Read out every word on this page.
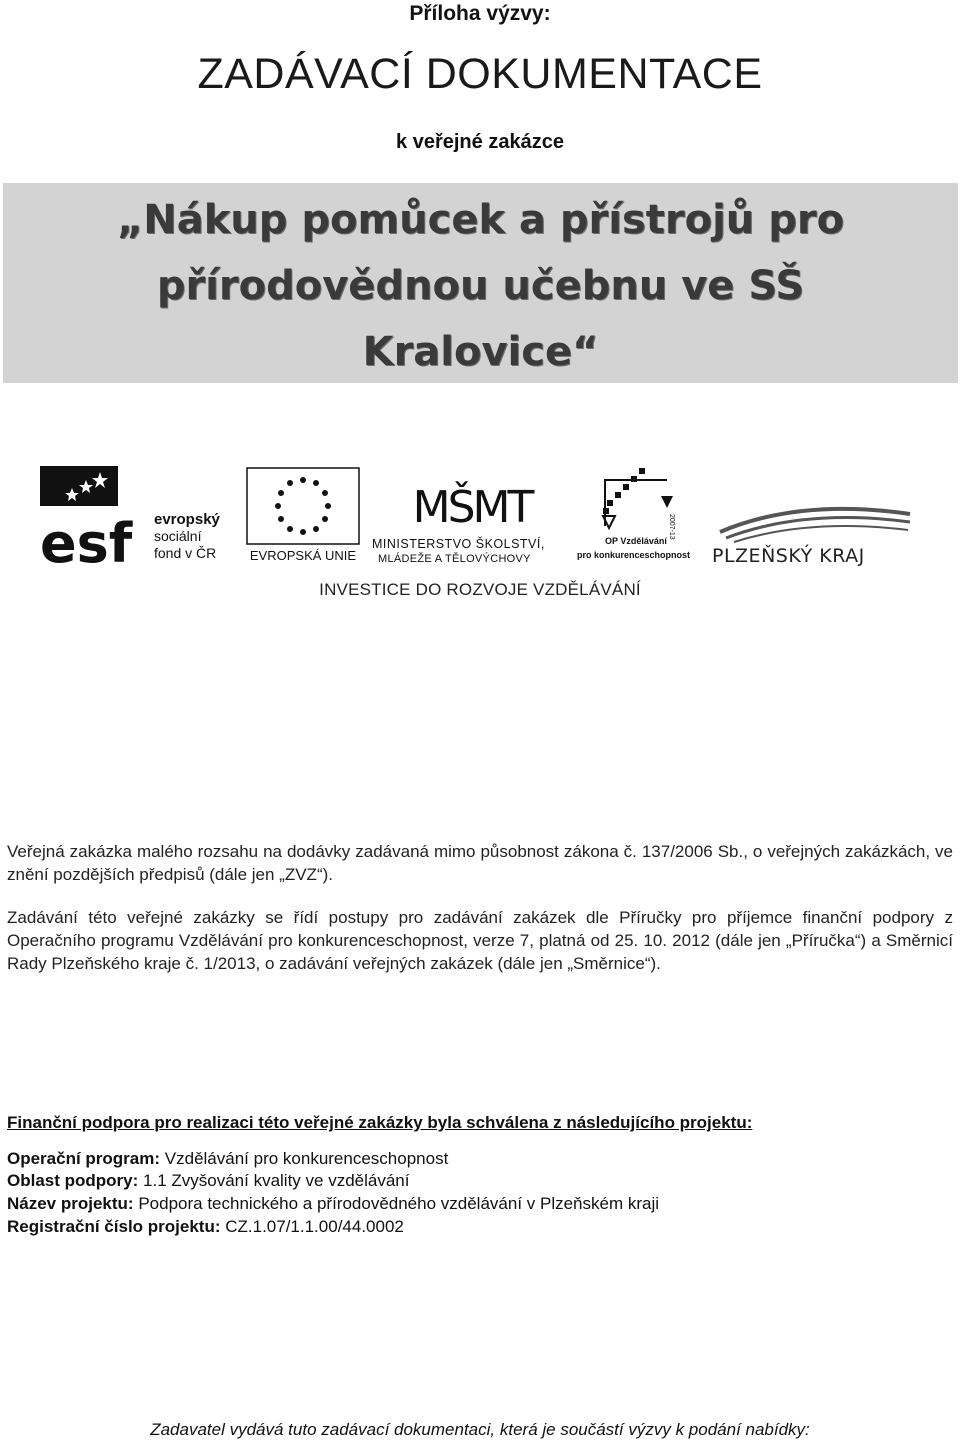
Příloha výzvy:
ZADÁVACÍ DOKUMENTACE
k veřejné zakázce
„Nákup pomůcek a přístrojů pro
přírodovědnou učebnu ve SŠ
Kralovice“
esf evropský
sociální
fond v ČR	EVROPSKÁ UNIE
MŠMT
MINISTERSTVO ŠKOLSTVÍ,
MLÁDEŽE A TĚLOVÝCHOVY
2007-13
OP Vzdělávání
pro konkurenceschopnost PLZEŇSKÝ KRAJ
INVESTICE DO ROZVOJE VZDĚLÁVÁNÍ
Veřejná zakázka malého rozsahu na dodávky zadávaná mimo působnost zákona č. 137/2006 Sb., o veřejných zakázkách, ve znění pozdějších předpisů (dále jen „ZVZ“).
Zadávání této veřejné zakázky se řídí postupy pro zadávání zakázek dle Příručky pro příjemce finanční podpory z Operačního programu Vzdělávání pro konkurenceschopnost, verze 7, platná od 25. 10. 2012 (dále jen „Příručka“) a Směrnicí Rady Plzeňského kraje č. 1/2013, o zadávání veřejných zakázek (dále jen „Směrnice“).
Finanční podpora pro realizaci této veřejné zakázky byla schválena z následujícího projektu:
Operační program: Vzdělávání pro konkurenceschopnost
Oblast podpory: 1.1 Zvyšování kvality ve vzdělávání
Název projektu: Podpora technického a přírodovědného vzdělávání v Plzeňském kraji
Registrační číslo projektu: CZ.1.07/1.1.00/44.0002
Zadavatel vydává tuto zadávací dokumentaci, která je součástí výzvy k podání nabídky:
